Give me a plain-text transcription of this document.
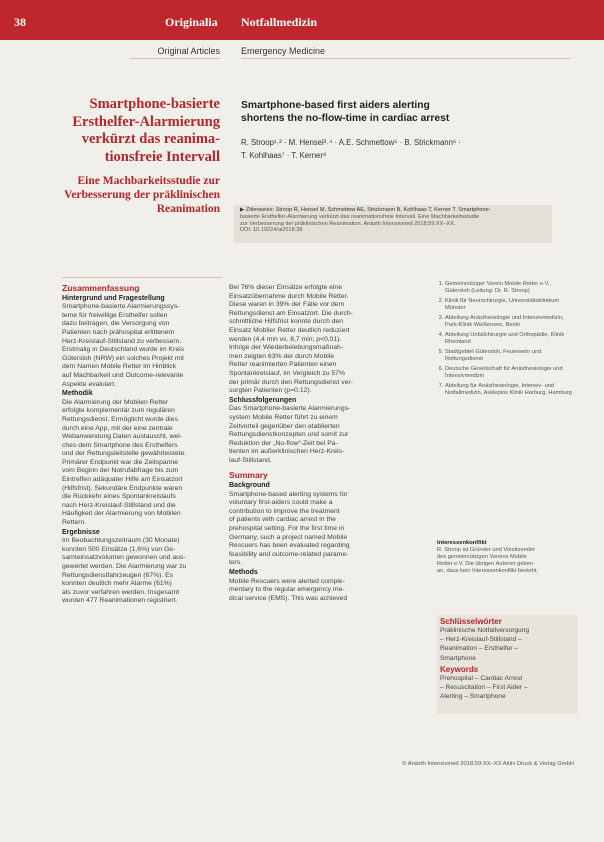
38	Originalia Notfallmedizin
Original Articles Emergency Medicine
Smartphone-basierte
Ersthelfer-Alarmierung
verkürzt das reanima-
tionsfreie Intervall
Eine Machbarkeitsstudie zur
Verbesserung der präklinischen
Reanimation
Smartphone-based first aiders alerting
shortens the no-flow-time in cardiac arrest
R. Stroop¹˒² · M. Hensel³˒⁴ · A.E. Schmettow⁵ · B. Strickmann⁶ ·
T. Kohlhaas⁷ · T. Kerner⁸
▶ Zitierweise: Stroop R, Hensel M, Schmettow AE, Strickmann B, Kohlhaas T, Kerner T. Smartphone-
basierte Ersthelfer-Alarmierung verkürzt das reanimationsfreie Intervall. Eine Machbarkeitsstudie
zur Verbesserung der präklinischen Reanimation. Anästh Intensivmed 2018;59:XX–XX.
DOI: 10.19224/ai2018.38
Zusammenfassung
Hintergrund und Fragestellung
Smartphone-basierte Alarmierungssys-
teme für freiwillige Ersthelfer sollen
dazu beitragen, die Versorgung von
Patienten nach prähospital erlittenem
Herz-Kreislauf-Stillstand zu verbessern.
Erstmalig in Deutschland wurde im Kreis
Gütersloh (NRW) ein solches Projekt mit
dem Namen Mobile Retter im Hinblick
auf Machbarkeit und Outcome-relevante
Aspekte evaluiert.
Methodik
Die Alarmierung der Mobilen Retter
erfolgte komplementär zum regulären
Rettungsdienst. Ermöglicht wurde dies
durch eine App, mit der eine zentrale
Webanwendung Daten austauscht, wel-
ches dem Smartphone des Ersthelfers
und der Rettungsleitstelle gewährleistete.
Primärer Endpunkt war die Zeitspanne
vom Beginn der Notrufabfrage bis zum
Eintreffen adäquater Hilfe am Einsatzort
(Hilfsfrist). Sekundäre Endpunkte waren
die Rückkehr eines Spontankreislaufs
nach Herz-Kreislauf-Stillstand und die
Häufigkeit der Alarmierung von Mobilen
Rettern.
Ergebnisse
Im Beobachtungszeitraum (30 Monate)
konnten 500 Einsätze (1,6%) von Ge-
samteinsatzvolumen gewonnen und aus-
gewertet werden. Die Alarmierung war zu
Rettungsdienstfahrzeugen (67%). Es
konnten deutlich mehr Alarme (61%)
als zuvor verfahren werden. Insgesamt
wurden 477 Reanimationen registriert.
Bei 76% dieser Einsätze erfolgte eine
Einsatzübernahme durch Mobile Retter.
Diese waren in 39% der Fälle vor dem
Rettungsdienst am Einsatzort. Die durch-
schnittliche Hilfsfrist konnte durch den
Einsatz Mobiler Retter deutlich reduziert
werden (4,4 min vs. 8,7 min; p<0,01).
Infolge der Wiederbelebungsmaßnah-
men zeigten 63% der durch Mobile
Retter reanimierten Patienten einen
Spontankreislauf, im Vergleich zu 57%
der primär durch den Rettungsdienst ver-
sorgten Patienten (p=0,12).
Schlussfolgerungen
Das Smartphone-basierte Alarmierungs-
system Mobile Retter führt zu einem
Zeitvorteil gegenüber den etablierten
Rettungsdienstkonzepten und somit zur
Reduktion der „No-flow“-Zeit bei Pa-
tienten im außerklinischen Herz-Kreis-
lauf-Stillstand.
Summary
Background
Smartphone-based alerting systems for
voluntary first-aiders could make a
contribution to improve the treatment
of patients with cardiac arrest in the
prehospital setting. For the first time in
Germany, such a project named Mobile
Rescuers has been evaluated regarding
feasibility and outcome-related parame-
ters.
Methods
Mobile Rescuers were alerted comple-
mentary to the regular emergency me-
dical service (EMS). This was achieved
1. Gemeinnütziger Verein Mobile Retter e.V., Gütersloh (Leitung: Dr. R. Stroop)
2. Klinik für Neurochirurgie, Universitätsklinikum Münster
3. Abteilung Anästhesiologie und Intensivmedizin, Park-Klinik Weißensee, Berlin
4. Abteilung Unfallchirurgie und Orthopädie, Klinik Rheinland
5. Stadtgebiet Gütersloh, Feuerwehr und Rettungsdienst
6. Deutsche Gesellschaft für Anästhesiologie und Intensivmedizin
7. Abteilung für Anästhesiologie, Intensiv- und Notfallmedizin, Asklepios Klinik Harburg, Hamburg
Interessenkonflikt
R. Stroop ist Gründer und Vorsitzender
des gemeinnützigen Vereins Mobile
Retter e.V. Die übrigen Autoren geben
an, dass kein Interessenkonflikt besteht.
Schlüsselwörter
Präklinische Notfallversorgung
– Herz-Kreislauf-Stillstand –
Reanimation – Ersthelfer –
Smartphone
Keywords
Prehospital – Cardiac Arrest
– Resuscitation – First Aider –
Alerting – Smartphone
© Anästh Intensivmed 2018;59:XX–XX Aktiv Druck & Verlag GmbH
